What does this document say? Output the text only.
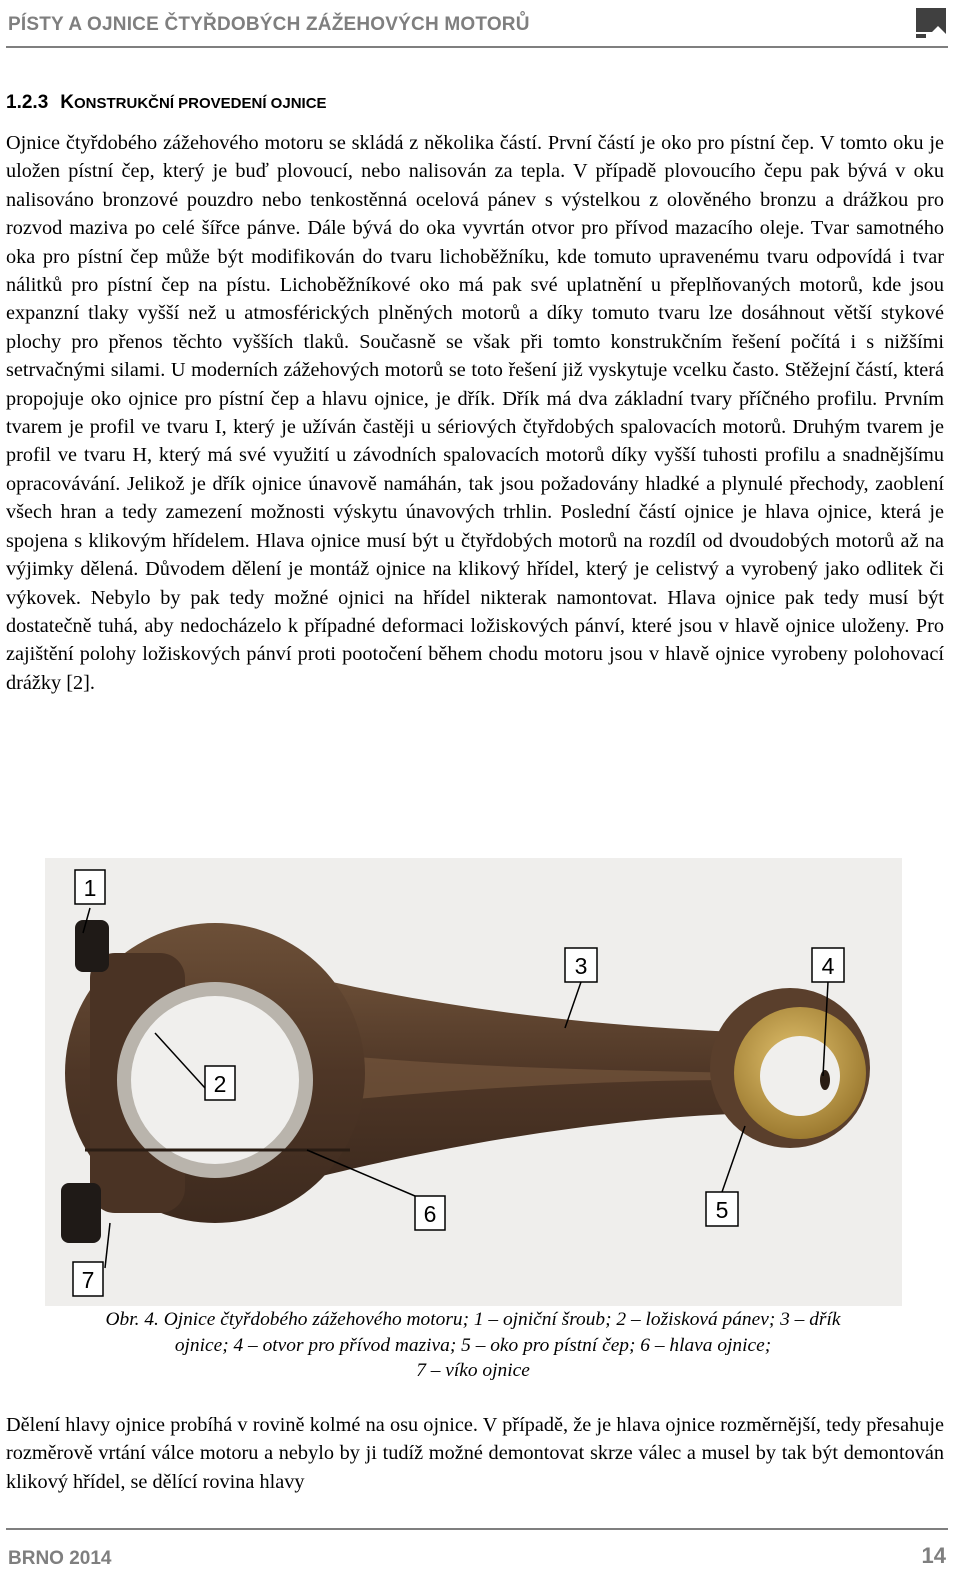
PÍSTY A OJNICE ČTYŘDOBÝCH ZÁŽEHOVÝCH MOTORŮ
1.2.3 KONSTRUKČNÍ PROVEDENÍ OJNICE

Ojnice čtyřdobého zážehového motoru se skládá z několika částí. První částí je oko pro pístní čep. V tomto oku je uložen pístní čep, který je buď plovoucí, nebo nalisován za tepla. V případě plovoucího čepu pak bývá v oku nalisováno bronzové pouzdro nebo tenkostěnná ocelová pánev s výstelkou z olověného bronzu a drážkou pro rozvod maziva po celé šířce pánve. Dále bývá do oka vyvrtán otvor pro přívod mazacího oleje. Tvar samotného oka pro pístní čep může být modifikován do tvaru lichoběžníku, kde tomuto upravenému tvaru odpovídá i tvar nálitků pro pístní čep na pístu. Lichoběžníkové oko má pak své uplatnění u přeplňovaných motorů, kde jsou expanzní tlaky vyšší než u atmosférických plněných motorů a díky tomuto tvaru lze dosáhnout větší stykové plochy pro přenos těchto vyšších tlaků. Současně se však při tomto konstrukčním řešení počítá i s nižšími setrvačnými silami. U moderních zážehových motorů se toto řešení již vyskytuje vcelku často. Stěžejní částí, která propojuje oko ojnice pro pístní čep a hlavu ojnice, je dřík. Dřík má dva základní tvary příčného profilu. Prvním tvarem je profil ve tvaru I, který je užíván častěji u sériových čtyřdobých spalovacích motorů. Druhým tvarem je profil ve tvaru H, který má své využití u závodních spalovacích motorů díky vyšší tuhosti profilu a snadnějšímu opracovávání. Jelikož je dřík ojnice únavově namáhán, tak jsou požadovány hladké a plynulé přechody, zaoblení všech hran a tedy zamezení možnosti výskytu únavových trhlin. Poslední částí ojnice je hlava ojnice, která je spojena s klikovým hřídelem. Hlava ojnice musí být u čtyřdobých motorů na rozdíl od dvoudobých motorů až na výjimky dělená. Důvodem dělení je montáž ojnice na klikový hřídel, který je celistvý a vyrobený jako odlitek či výkovek. Nebylo by pak tedy možné ojnici na hřídel nikterak namontovat. Hlava ojnice pak tedy musí být dostatečně tuhá, aby nedocházelo k případné deformaci ložiskových pánví, které jsou v hlavě ojnice uloženy. Pro zajištění polohy ložiskových pánví proti pootočení během chodu motoru jsou v hlavě ojnice vyrobeny polohovací drážky [2].

1
2
3	4
5
6
7
Obr. 4. Ojnice čtyřdobého zážehového motoru; 1 – ojniční šroub; 2 – ložisková pánev; 3 – dřík
ojnice; 4 – otvor pro přívod maziva; 5 – oko pro pístní čep; 6 – hlava ojnice;
7 – víko ojnice

Dělení hlavy ojnice probíhá v rovině kolmé na osu ojnice. V případě, že je hlava ojnice rozměrnější, tedy přesahuje rozměrově vrtání válce motoru a nebylo by ji tudíž možné demontovat skrze válec a musel by tak být demontován klikový hřídel, se dělící rovina hlavy

BRNO 2014	14
